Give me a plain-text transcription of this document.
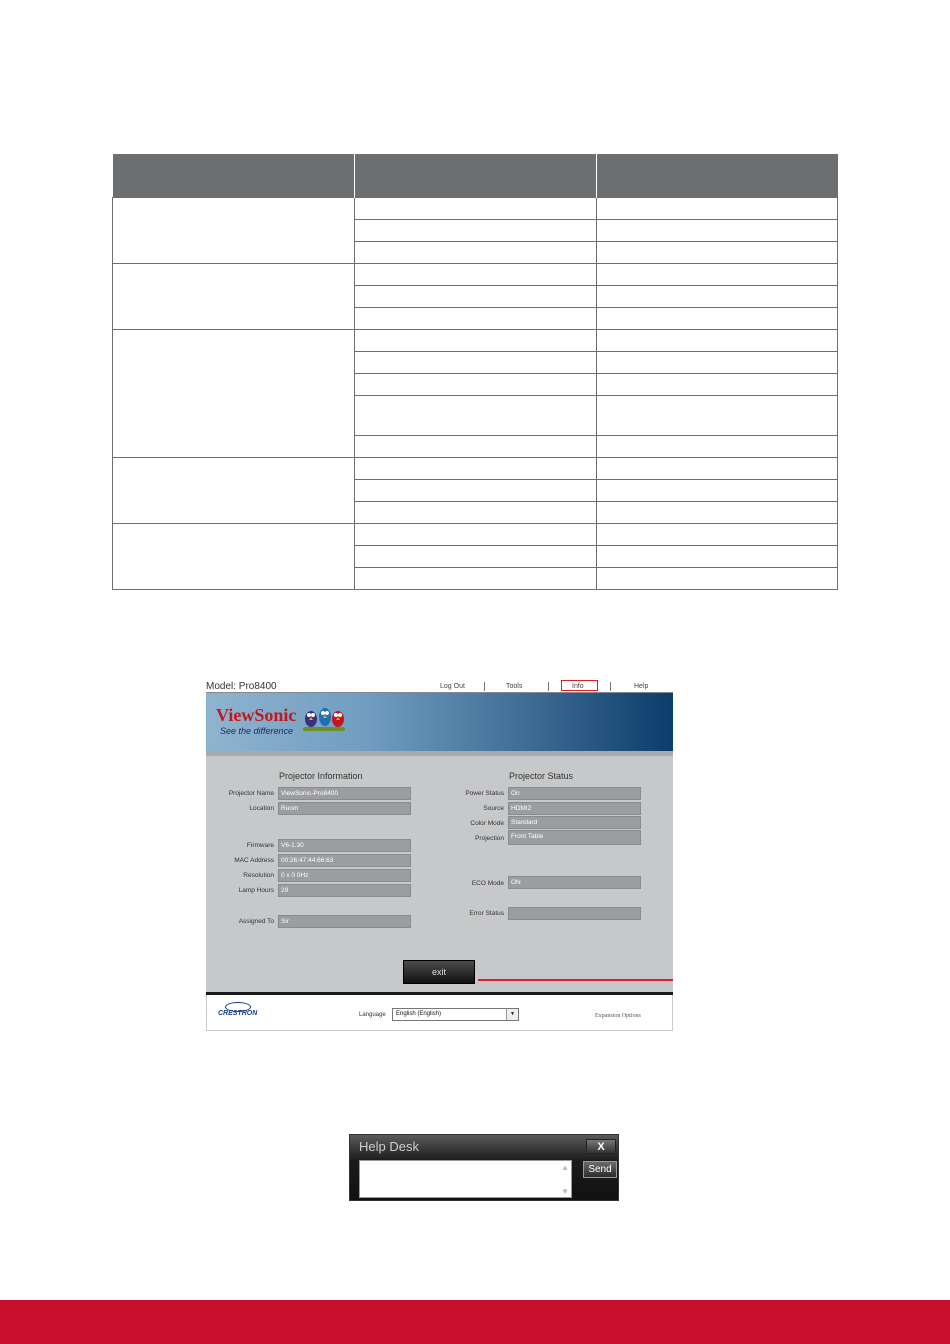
Model: Pro8400	Log Out	Tools	Info	Help
ViewSonic
See the difference
Projector Information	Projector Status
Projector Name	ViewSonic-Pro8400
Location	Room
Firmware	V6-1.30
MAC Address	00:26:47:44:66:63
Resolution	0 x 0 0Hz
Lamp Hours	29
Assigned To	Sir
Power Status	On
Source	HDMI2
Color Mode	Standard
Projection	Front Table
ECO Mode	ON
Error Status
exit
CRESTRON	Language	English (English)	▼	Expansion Options
Help Desk	X
▲
▼
Send
